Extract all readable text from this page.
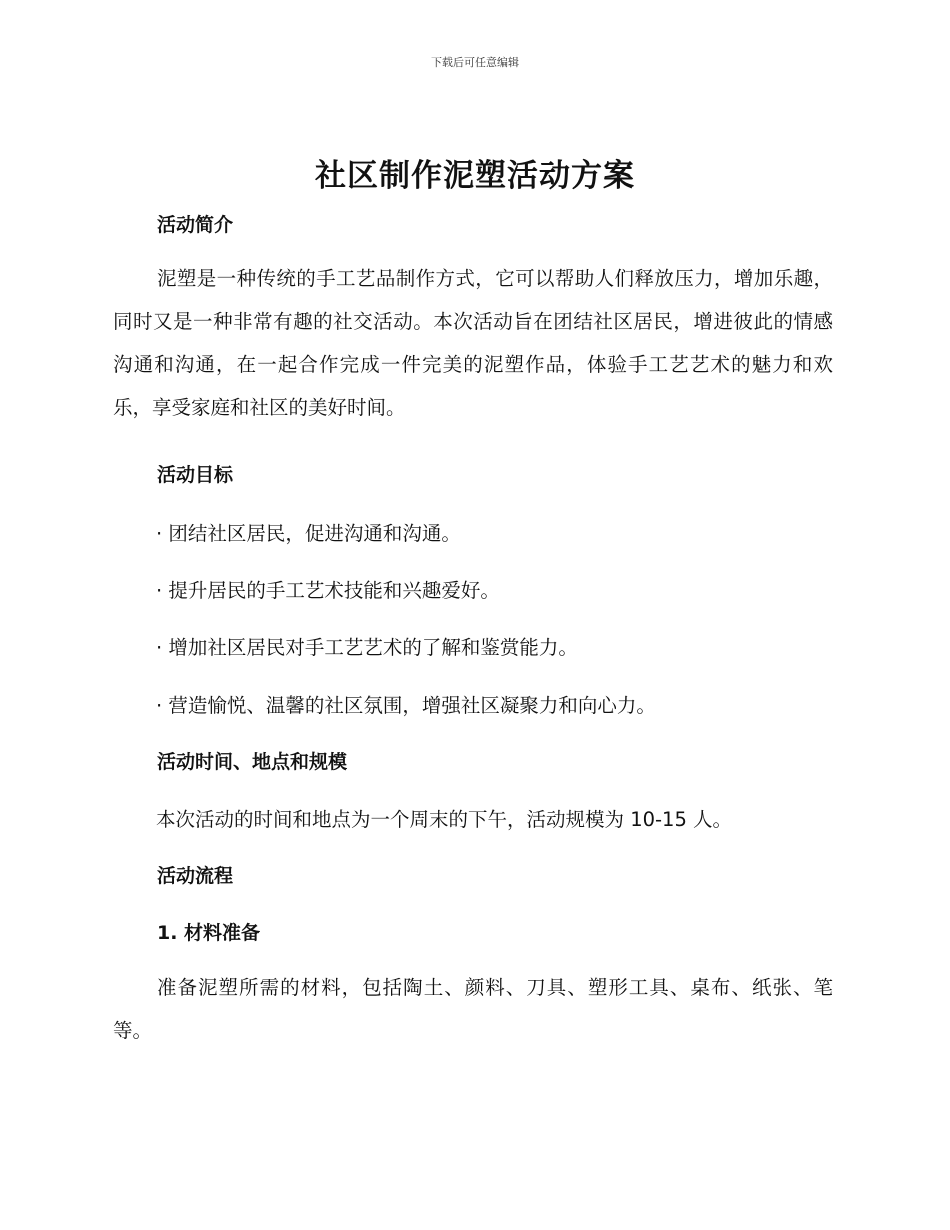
下载后可任意编辑
社区制作泥塑活动方案
活动简介

泥塑是一种传统的手工艺品制作方式，它可以帮助人们释放压力，增加乐趣，同时又是一种非常有趣的社交活动。本次活动旨在团结社区居民，增进彼此的情感沟通和沟通，在一起合作完成一件完美的泥塑作品，体验手工艺艺术的魅力和欢乐，享受家庭和社区的美好时间。

活动目标
· 团结社区居民，促进沟通和沟通。
· 提升居民的手工艺术技能和兴趣爱好。
· 增加社区居民对手工艺艺术的了解和鉴赏能力。
· 营造愉悦、温馨的社区氛围，增强社区凝聚力和向心力。
活动时间、地点和规模
本次活动的时间和地点为一个周末的下午，活动规模为 10-15 人。
活动流程
1. 材料准备

准备泥塑所需的材料，包括陶土、颜料、刀具、塑形工具、桌布、纸张、笔等。
